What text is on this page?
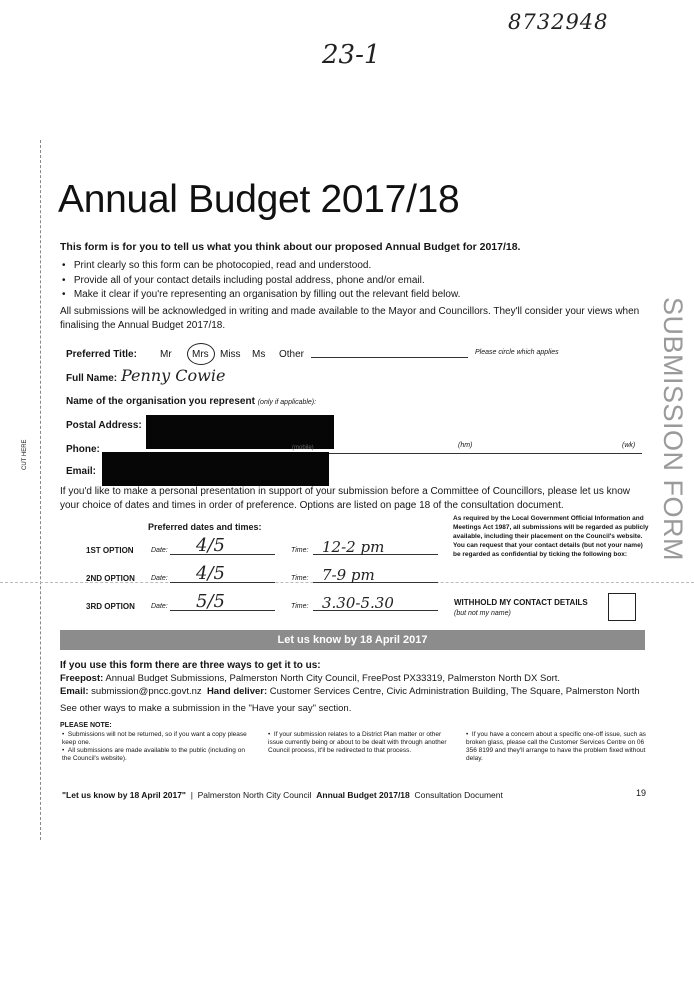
8732948
23-1
CUT HERE	SUBMISSION FORM
Annual Budget 2017/18
This form is for you to tell us what you think about our proposed Annual Budget for 2017/18.
•   Print clearly so this form can be photocopied, read and understood.
•   Provide all of your contact details including postal address, phone and/or email.
•   Make it clear if you're representing an organisation by filling out the relevant field below.
All submissions will be acknowledged in writing and made available to the Mayor and Councillors. They'll consider your views when finalising the Annual Budget 2017/18.
Preferred Title: Mr Mrs Miss Ms Other	Please circle which applies
Full Name: Penny Cowie
Name of the organisation you represent (only if applicable):
Postal Address:
Phone:	(mobile)	(hm)	(wk)
Email:
If you'd like to make a personal presentation in support of your submission before a Committee of Councillors, please let us know your choice of dates and times in order of preference. Options are listed on page 18 of the consultation document.
Preferred dates and times:
1ST OPTION Date: 4/5	Time: 12-2 pm
2ND OPTION Date: 4/5	Time: 7-9 pm
3RD OPTION Date: 5/5	Time: 3.30-5.30
As required by the Local Government Official Information and Meetings Act 1987, all submissions will be regarded as publicly available, including their placement on the Council's website. You can request that your contact details (but not your name) be regarded as confidential by ticking the following box:
WITHHOLD MY CONTACT DETAILS
(but not my name)
Let us know by 18 April 2017
If you use this form there are three ways to get it to us:
Freepost: Annual Budget Submissions, Palmerston North City Council, FreePost PX33319, Palmerston North DX Sort.
Email: submission@pncc.govt.nz Hand deliver: Customer Services Centre, Civic Administration Building, The Square, Palmerston North
See other ways to make a submission in the "Have your say" section.
PLEASE NOTE:
•  Submissions will not be returned, so if you want a copy please keep one.
•  All submissions are made available to the public (including on the Council's website).
•  If your submission relates to a District Plan matter or other issue currently being or about to be dealt with through another Council process, it'll be redirected to that process.
•  If you have a concern about a specific one-off issue, such as broken glass, please call the Customer Services Centre on 06 356 8199 and they'll arrange to have the problem fixed without delay.
"Let us know by 18 April 2017" | Palmerston North City Council Annual Budget 2017/18 Consultation Document	19
